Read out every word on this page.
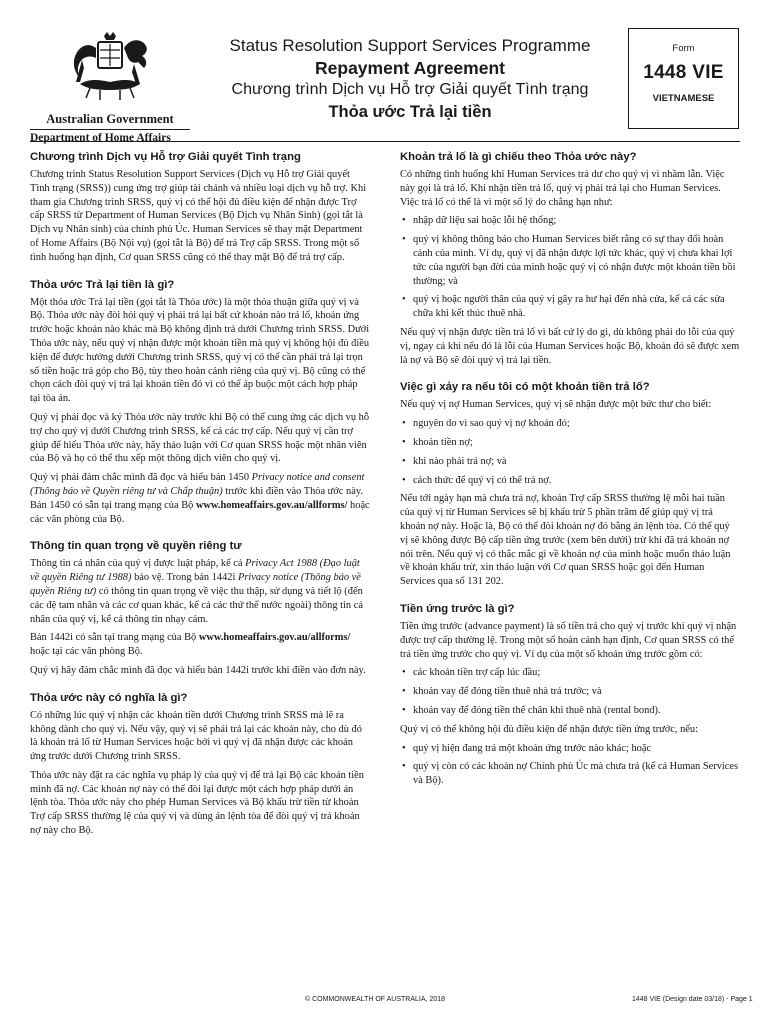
Australian Government
Department of Home Affairs
Status Resolution Support Services Programme
Repayment Agreement
Chương trình Dịch vụ Hỗ trợ Giải quyết Tình trạng
Thỏa ước Trả lại tiền
Form
1448 VIE
VIETNAMESE
Chương trình Dịch vụ Hỗ trợ Giải quyết Tình trạng

Chương trình Status Resolution Support Services (Dịch vụ Hỗ trợ Giải quyết Tình trạng (SRSS)) cung ứng trợ giúp tài chánh và nhiều loại dịch vụ hỗ trợ. Khi tham gia Chương trình SRSS, quý vị có thể hội đủ điều kiện để nhận được Trợ cấp SRSS từ Department of Human Services (Bộ Dịch vụ Nhân Sinh) (gọi tắt là Dịch vụ Nhân sinh) của chính phủ Úc. Human Services sẽ thay mặt Department of Home Affairs (Bộ Nội vụ) (gọi tắt là Bộ) để trả Trợ cấp SRSS. Trong một số tình huống hạn định, Cơ quan SRSS cũng có thể thay mặt Bộ để trả trợ cấp.

Thỏa ước Trả lại tiền là gì?

Một thỏa ước Trả lại tiền (gọi tắt là Thỏa ước) là một thỏa thuận giữa quý vị và Bộ. Thỏa ước này đòi hỏi quý vị phải trả lại bất cứ khoản nào trả lố, khoản ứng trước hoặc khoản nào khác mà Bộ không định trả dưới Chương trình SRSS. Dưới Thỏa ước này, nếu quý vị nhận được một khoản tiền mà quý vị không hội đủ điều kiện để được hưởng dưới Chương trình SRSS, quý vị có thể cần phải trả lại trọn số tiền hoặc trả góp cho Bộ, tùy theo hoàn cảnh riêng của quý vị. Bộ cũng có thể chọn cách đòi quý vị trả lại khoản tiền đó vì có thể áp buộc một cách hợp pháp tại tòa án.

Quý vị phải đọc và ký Thỏa ước này trước khi Bộ có thể cung ứng các dịch vụ hỗ trợ cho quý vị dưới Chương trình SRSS, kể cả các trợ cấp. Nếu quý vị cần trợ giúp để hiểu Thỏa ước này, hãy thảo luận với Cơ quan SRSS hoặc một nhân viên của Bộ và họ có thể thu xếp một thông dịch viên cho quý vị.

Quý vị phải đảm chắc mình đã đọc và hiểu bản 1450 Privacy notice and consent (Thông báo về Quyền riêng tư và Chấp thuận) trước khi điền vào Thỏa ước này. Bản 1450 có sẵn tại trang mạng của Bộ www.homeaffairs.gov.au/allforms/ hoặc các văn phòng của Bộ.

Thông tin quan trọng về quyền riêng tư

Thông tin cá nhân của quý vị được luật pháp, kể cả Privacy Act 1988 (Đạo luật về quyền Riêng tư 1988) bảo vệ. Trong bản 1442i Privacy notice (Thông báo về quyền Riêng tư) có thông tin quan trọng về việc thu thập, sử dụng và tiết lộ (đến các đệ tam nhân và các cơ quan khác, kể cả các thứ thể nước ngoài) thông tin cá nhân của quý vị, kể cả thông tin nhạy cảm.

Bản 1442i có sẵn tại trang mạng của Bộ www.homeaffairs.gov.au/allforms/ hoặc tại các văn phòng Bộ.

Quý vị hãy đảm chắc mình đã đọc và hiểu bản 1442i trước khi điền vào đơn này.

Thỏa ước này có nghĩa là gì?

Có những lúc quý vị nhận các khoản tiền dưới Chương trình SRSS mà lẽ ra không dành cho quý vị. Nếu vậy, quý vị sẽ phải trả lại các khoản này, cho dù đó là khoản trả lố từ Human Services hoặc bởi vì quý vị đã nhận được các khoản ứng trước dưới Chương trình SRSS.

Thỏa ước này đặt ra các nghĩa vụ pháp lý của quý vị để trả lại Bộ các khoản tiền mình đã nợ. Các khoản nợ này có thể đòi lại được một cách hợp pháp dưới án lệnh tòa. Thỏa ước này cho phép Human Services và Bộ khấu trừ tiền từ khoản Trợ cấp SRSS thường lệ của quý vị và dùng án lệnh tòa để đòi quý vị trả khoản nợ này cho Bộ.

Khoản trả lố là gì chiếu theo Thỏa ước này?

Có những tình huống khi Human Services trả dư cho quý vị vì nhầm lẫn. Việc này gọi là trả lố. Khi nhận tiền trả lố, quý vị phải trả lại cho Human Services. Việc trả lố có thể là vì một số lý do chẳng hạn như:

• nhập dữ liệu sai hoặc lỗi hệ thống;
• quý vị không thông báo cho Human Services biết rằng có sự thay đổi hoàn cảnh của mình. Ví dụ, quý vị đã nhận được lợi tức khác, quý vị chưa khai lợi tức của người bạn đời của mình hoặc quý vị có nhận được một khoản tiền bồi thường; và
• quý vị hoặc người thân của quý vị gây ra hư hại đến nhà cửa, kể cả các sửa chữa khi kết thúc thuê nhà.

Nếu quý vị nhận được tiền trả lố vì bất cứ lý do gì, dù không phải do lỗi của quý vị, ngay cả khi nếu đó là lỗi của Human Services hoặc Bộ, khoản đó sẽ được xem là nợ và Bộ sẽ đòi quý vị trả lại tiền.

Việc gì xảy ra nếu tôi có một khoản tiền trả lố?

Nếu quý vị nợ Human Services, quý vị sẽ nhận được một bức thư cho biết:

• nguyên do vì sao quý vị nợ khoản đó;
• khoản tiền nợ;
• khi nào phải trả nợ; và
• cách thức để quý vị có thể trả nợ.

Nếu tới ngày hạn mà chưa trả nợ, khoản Trợ cấp SRSS thường lệ mỗi hai tuần của quý vị từ Human Services sẽ bị khấu trừ 5 phần trăm để giúp quý vị trả khoản nợ này. Hoặc là, Bộ có thể đòi khoản nợ đó bằng án lệnh tòa. Có thể quý vị sẽ không được Bộ cấp tiền ứng trước (xem bên dưới) trừ khi đã trả khoản nợ nói trên. Nếu quý vị có thắc mắc gì về khoản nợ của mình hoặc muốn thảo luận về khoản khấu trừ, xin thảo luận với Cơ quan SRSS hoặc gọi đến Human Services qua số 131 202.

Tiền ứng trước là gì?

Tiền ứng trước (advance payment) là số tiền trả cho quý vị trước khi quý vị nhận được trợ cấp thường lệ. Trong một số hoàn cảnh hạn định, Cơ quan SRSS có thể trả tiền ứng trước cho quý vị. Ví dụ của một số khoản ứng trước gồm có:

• các khoản tiền trợ cấp lúc đầu;
• khoản vay để đóng tiền thuê nhà trả trước; và
• khoản vay để đóng tiền thế chân khi thuê nhà (rental bond).

Quý vị có thể không hội đủ điều kiện để nhận được tiền ứng trước, nếu:

• quý vị hiện đang trả một khoản ứng trước nào khác; hoặc
• quý vị còn có các khoản nợ Chính phủ Úc mà chưa trả (kể cả Human Services và Bộ).
© COMMONWEALTH OF AUSTRALIA, 2018	1448 VIE (Design date 03/18) - Page 1
